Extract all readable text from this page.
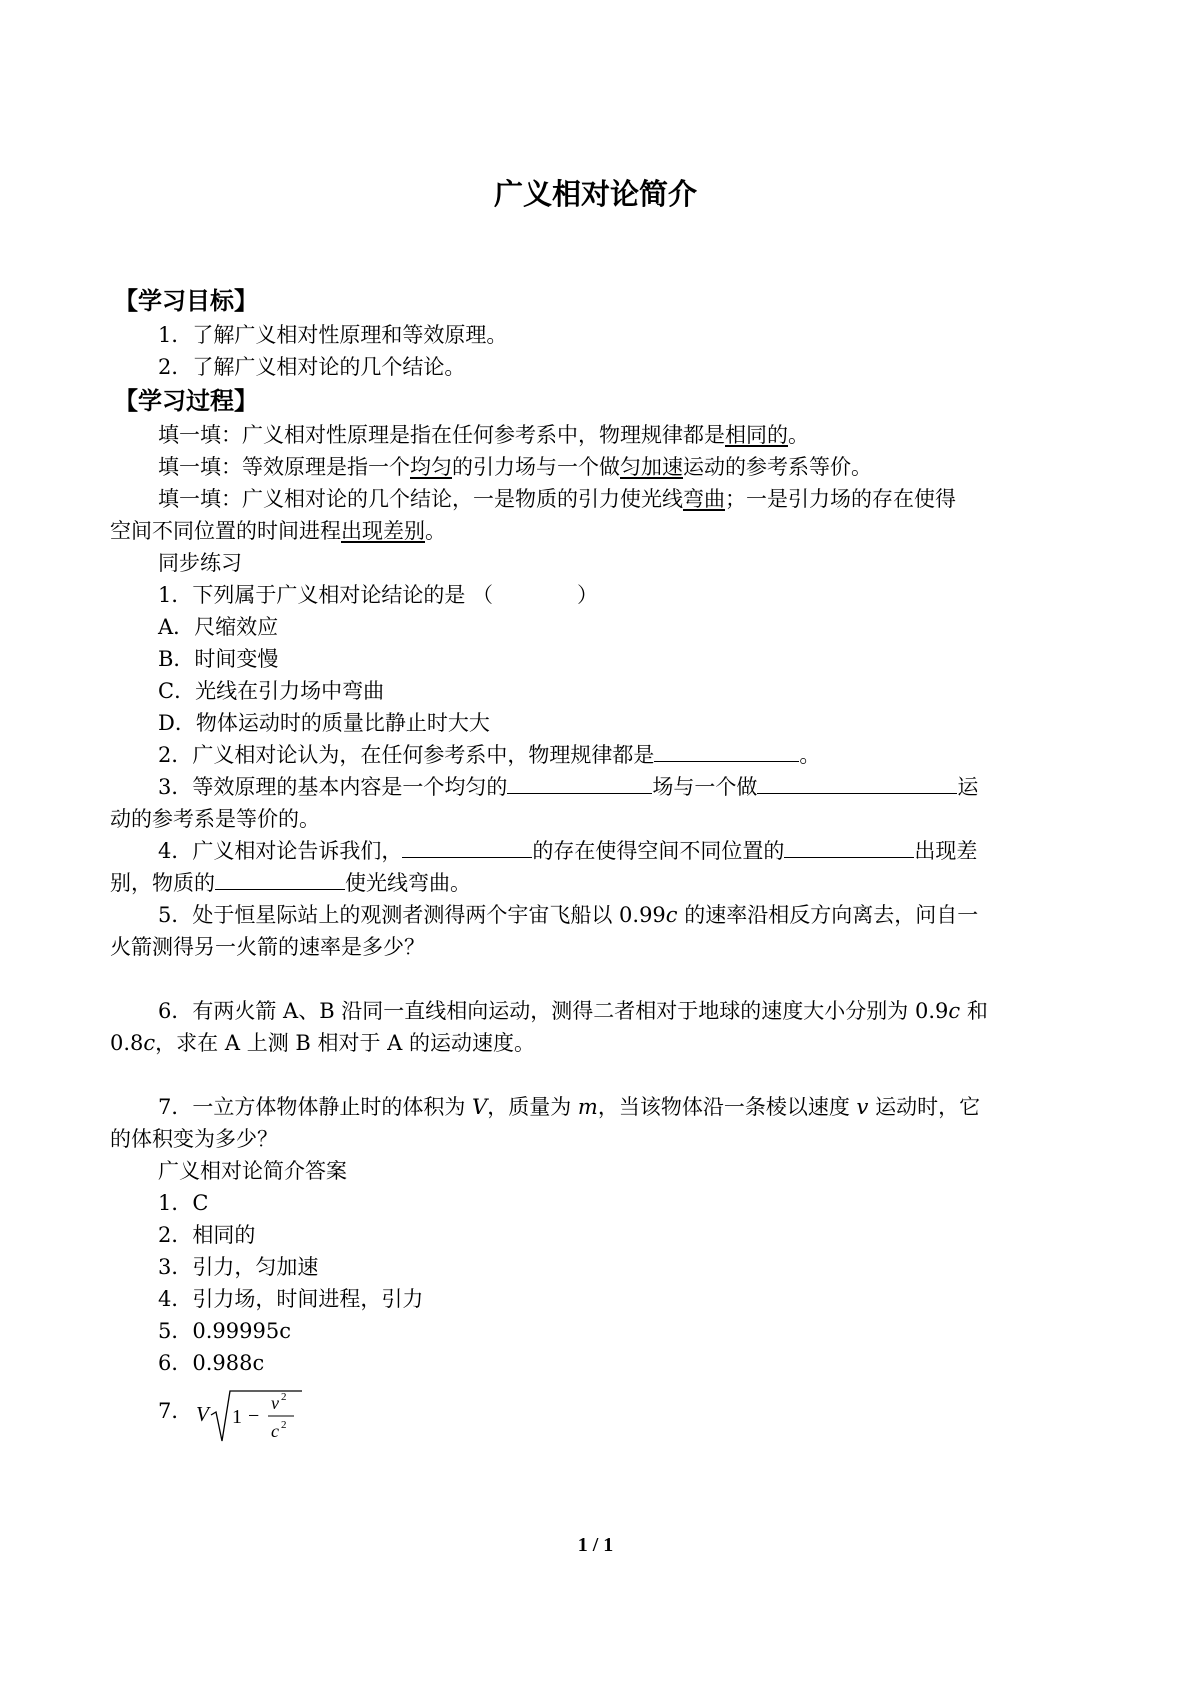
广义相对论简介
【学习目标】
1．了解广义相对性原理和等效原理。
2．了解广义相对论的几个结论。
【学习过程】
填一填：广义相对性原理是指在任何参考系中，物理规律都是相同的。
填一填：等效原理是指一个均匀的引力场与一个做匀加速运动的参考系等价。
填一填：广义相对论的几个结论，一是物质的引力使光线弯曲；一是引力场的存在使得
空间不同位置的时间进程出现差别。
同步练习
1．下列属于广义相对论结论的是 （　　　　）
A．尺缩效应
B．时间变慢
C．光线在引力场中弯曲
D．物体运动时的质量比静止时大大
2．广义相对论认为，在任何参考系中，物理规律都是	。
3．等效原理的基本内容是一个均匀的	场与一个做	运
动的参考系是等价的。
4．广义相对论告诉我们，	的存在使得空间不同位置的	出现差
别，物质的	使光线弯曲。
5．处于恒星际站上的观测者测得两个宇宙飞船以 0.99c 的速率沿相反方向离去，问自一
火箭测得另一火箭的速率是多少？
6．有两火箭 A、B 沿同一直线相向运动，测得二者相对于地球的速度大小分别为 0.9c 和
0.8c，求在 A 上测 B 相对于 A 的运动速度。
7．一立方体物体静止时的体积为 V，质量为 m，当该物体沿一条棱以速度 v 运动时，它
的体积变为多少？
广义相对论简介答案
1．C
2．相同的
3．引力，匀加速
4．引力场，时间进程，引力
5．0.99995c
6．0.988c
7． V 1 −
v 2
c 2
1 / 1
